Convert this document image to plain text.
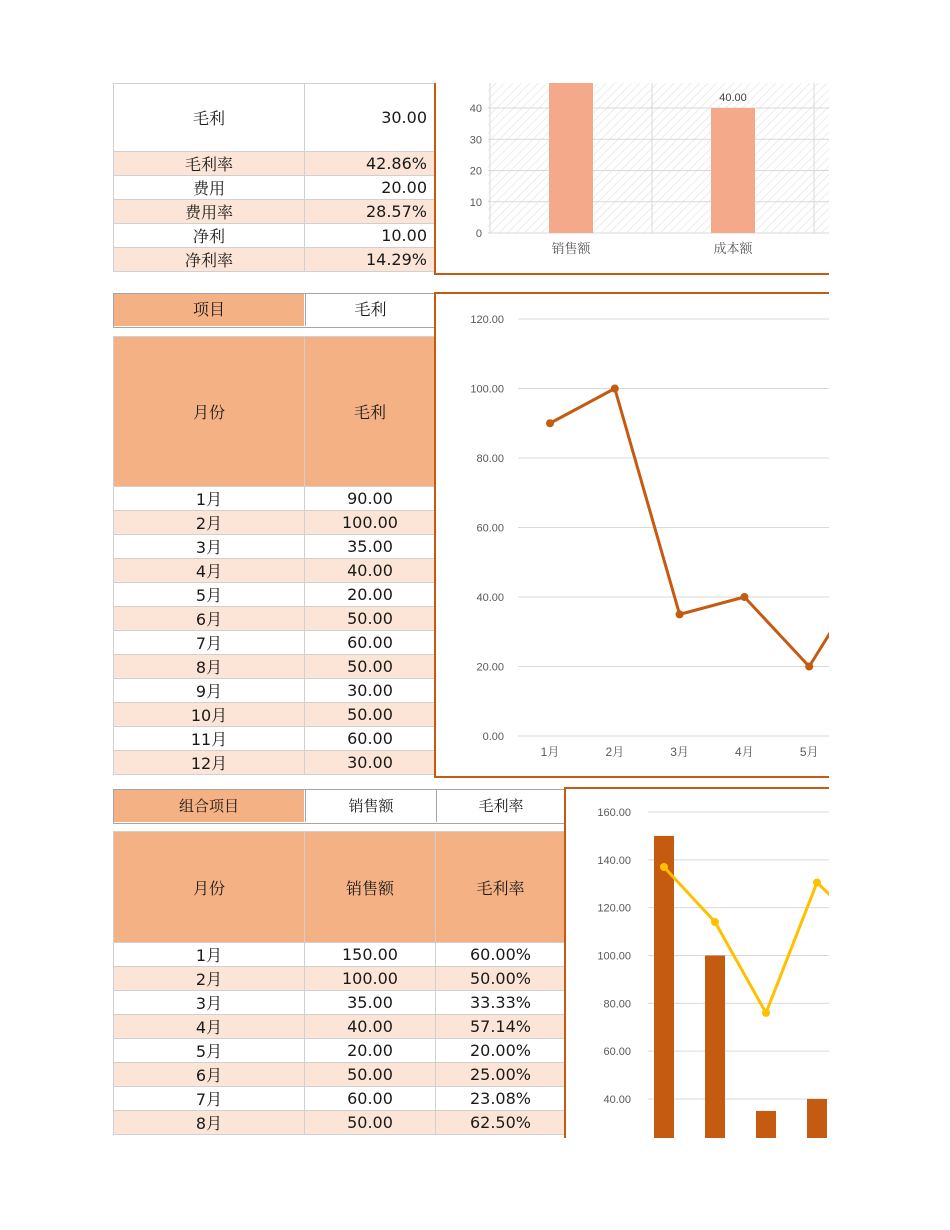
毛利	30.00
毛利率	42.86%
费用	20.00
费用率	28.57%
净利	10.00
净利率	14.29%
0
10
20
30
40
销售额
40.00
成本额
项目	毛利
月份	毛利
1月	90.00
2月	100.00
3月	35.00
4月	40.00
5月	20.00
6月	50.00
7月	60.00
8月	50.00
9月	30.00
10月	50.00
11月	60.00
12月	30.00
0.00
20.00
40.00
60.00
80.00
100.00
120.00
1月	2月	3月	4月	5月
组合项目	销售额	毛利率
月份	销售额	毛利率
1月	150.00	60.00%
2月	100.00	50.00%
3月	35.00	33.33%
4月	40.00	57.14%
5月	20.00	20.00%
6月	50.00	25.00%
7月	60.00	23.08%
8月	50.00	62.50%
40.00
60.00
80.00
100.00
120.00
140.00
160.00
